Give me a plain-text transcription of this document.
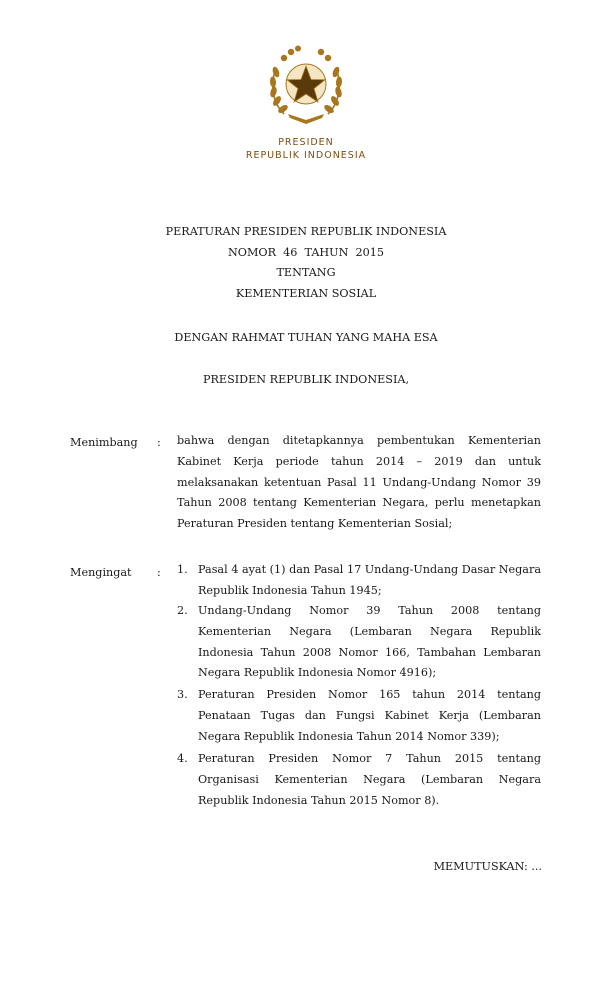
PRESIDEN
REPUBLIK INDONESIA
PERATURAN PRESIDEN REPUBLIK INDONESIA
NOMOR  46  TAHUN  2015
TENTANG
KEMENTERIAN SOSIAL
DENGAN RAHMAT TUHAN YANG MAHA ESA
PRESIDEN REPUBLIK INDONESIA,
Menimbang : bahwa dengan ditetapkannya pembentukan Kementerian Kabinet Kerja periode tahun 2014 – 2019 dan untuk melaksanakan ketentuan Pasal 11 Undang-Undang Nomor 39 Tahun 2008 tentang Kementerian Negara, perlu menetapkan Peraturan Presiden tentang Kementerian Sosial;
Mengingat : 1. Pasal 4 ayat (1) dan Pasal 17 Undang-Undang Dasar Negara Republik Indonesia Tahun 1945;
2. Undang-Undang Nomor 39 Tahun 2008 tentang Kementerian Negara (Lembaran Negara Republik Indonesia Tahun 2008 Nomor 166, Tambahan Lembaran Negara Republik Indonesia Nomor 4916);
3. Peraturan Presiden Nomor 165 tahun 2014 tentang Penataan Tugas dan Fungsi Kabinet Kerja (Lembaran Negara Republik Indonesia Tahun 2014 Nomor 339);
4. Peraturan Presiden Nomor 7 Tahun 2015 tentang Organisasi Kementerian Negara (Lembaran Negara Republik Indonesia Tahun 2015 Nomor 8).
MEMUTUSKAN: ...
